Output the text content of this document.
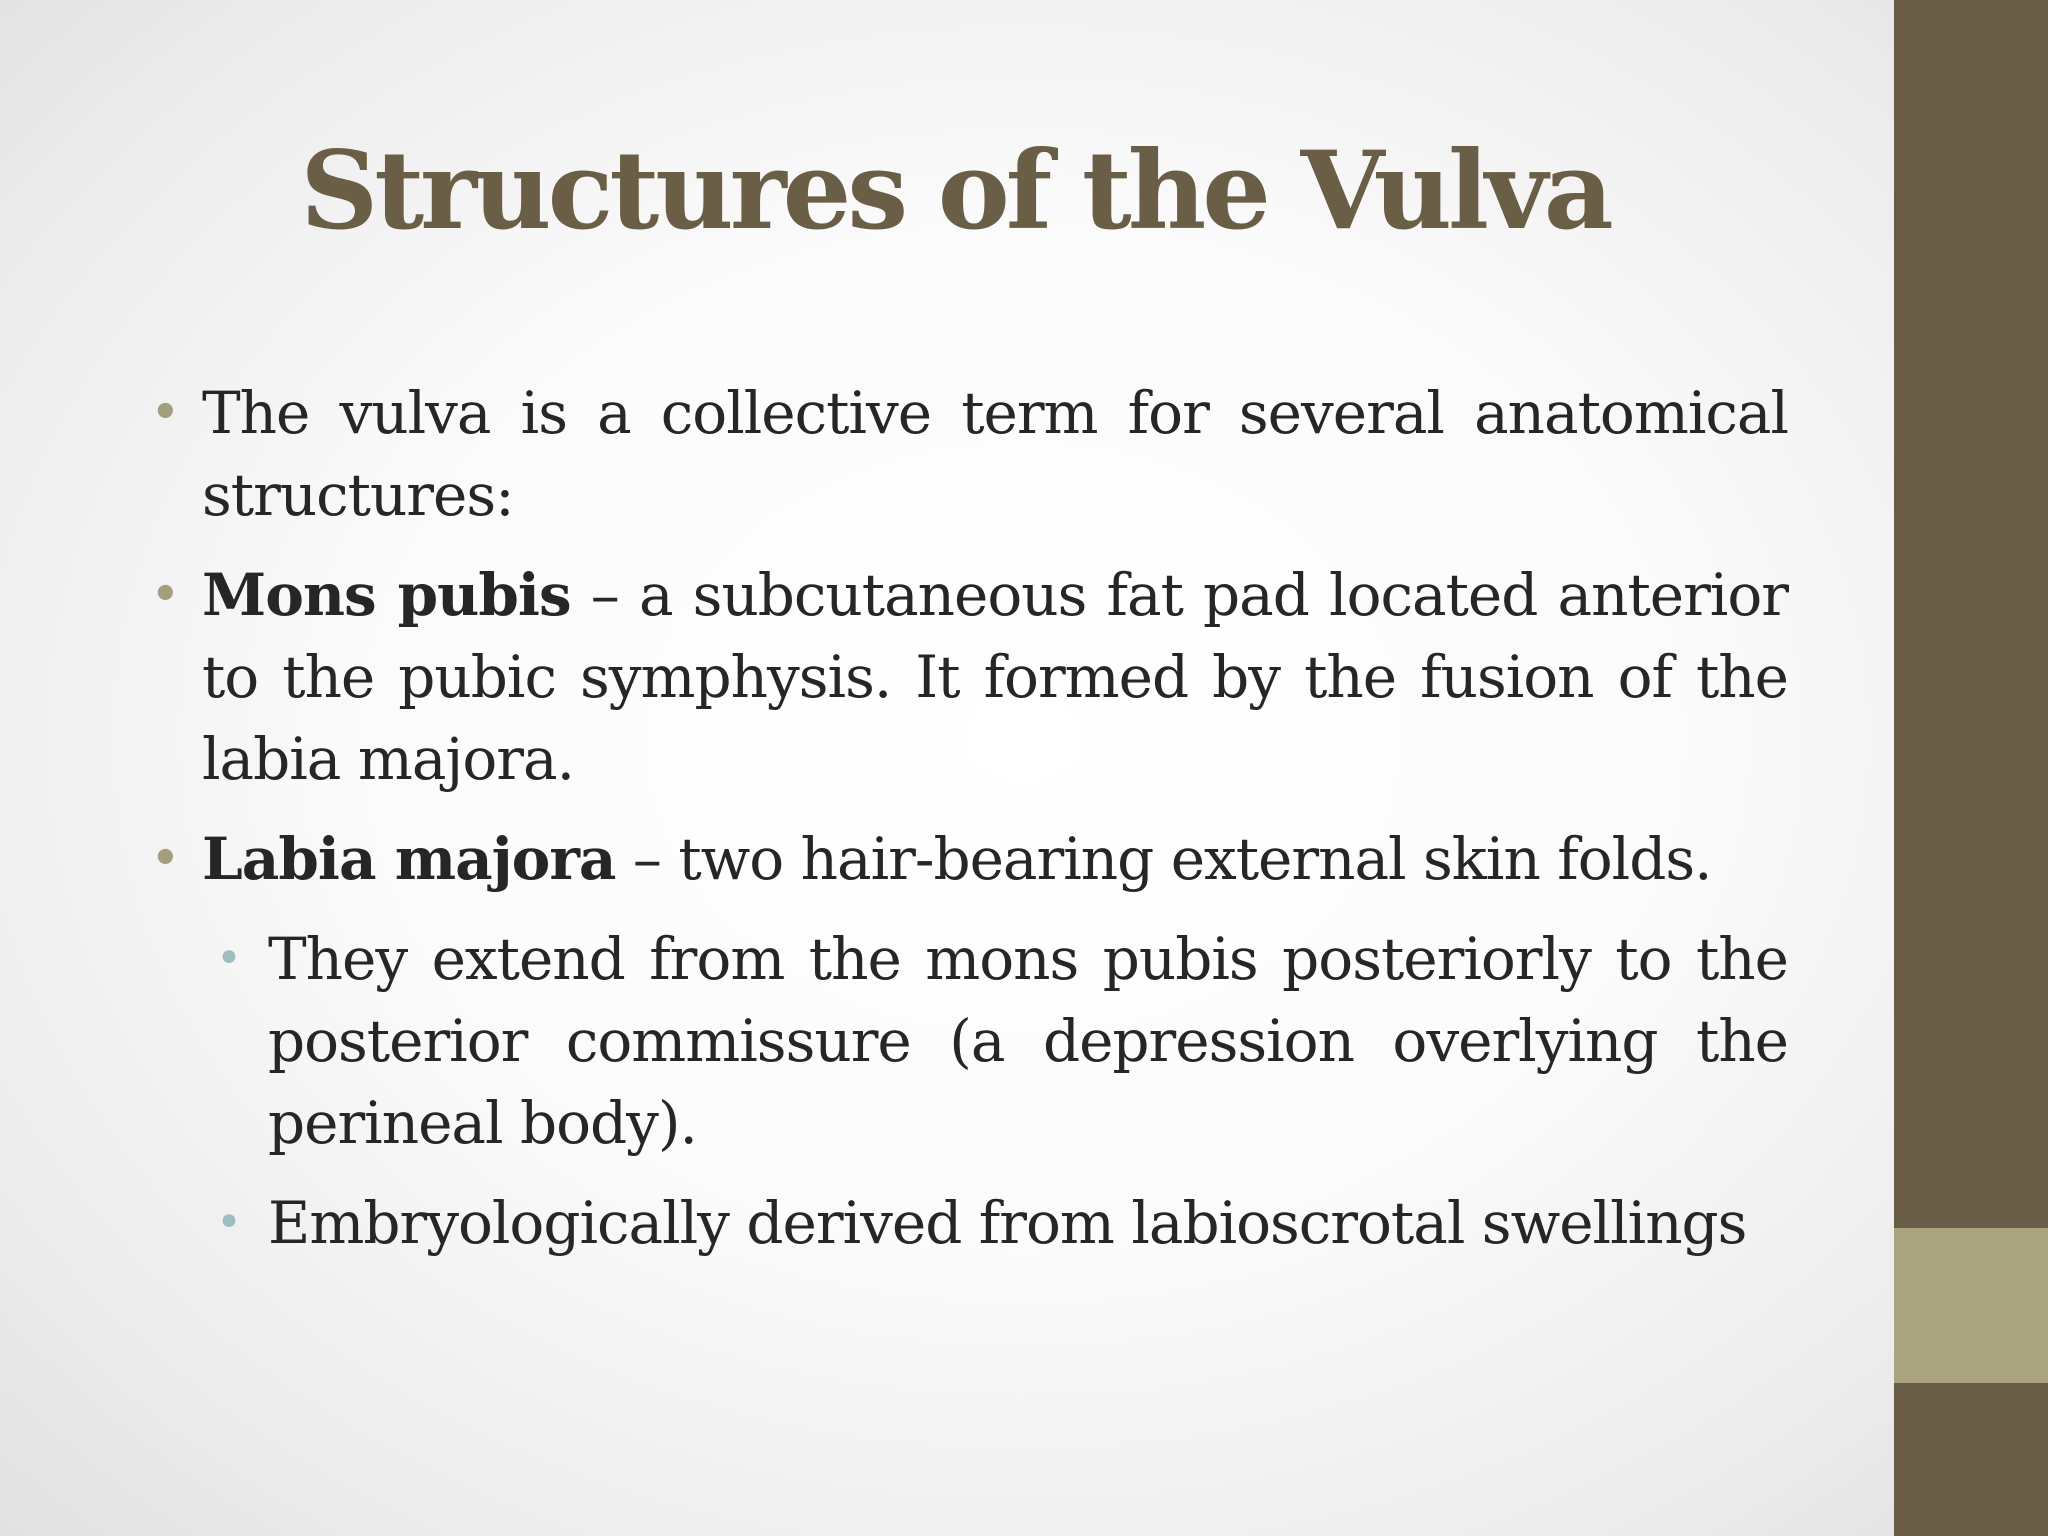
Structures of the Vulva
• The vulva is a collective term for several anatomical structures:
• Mons pubis – a subcutaneous fat pad located anterior to the pubic symphysis. It formed by the fusion of the labia majora.
• Labia majora – two hair-bearing external skin folds.
• They extend from the mons pubis posteriorly to the posterior commissure (a depression overlying the perineal body).
• Embryologically derived from labioscrotal swellings
